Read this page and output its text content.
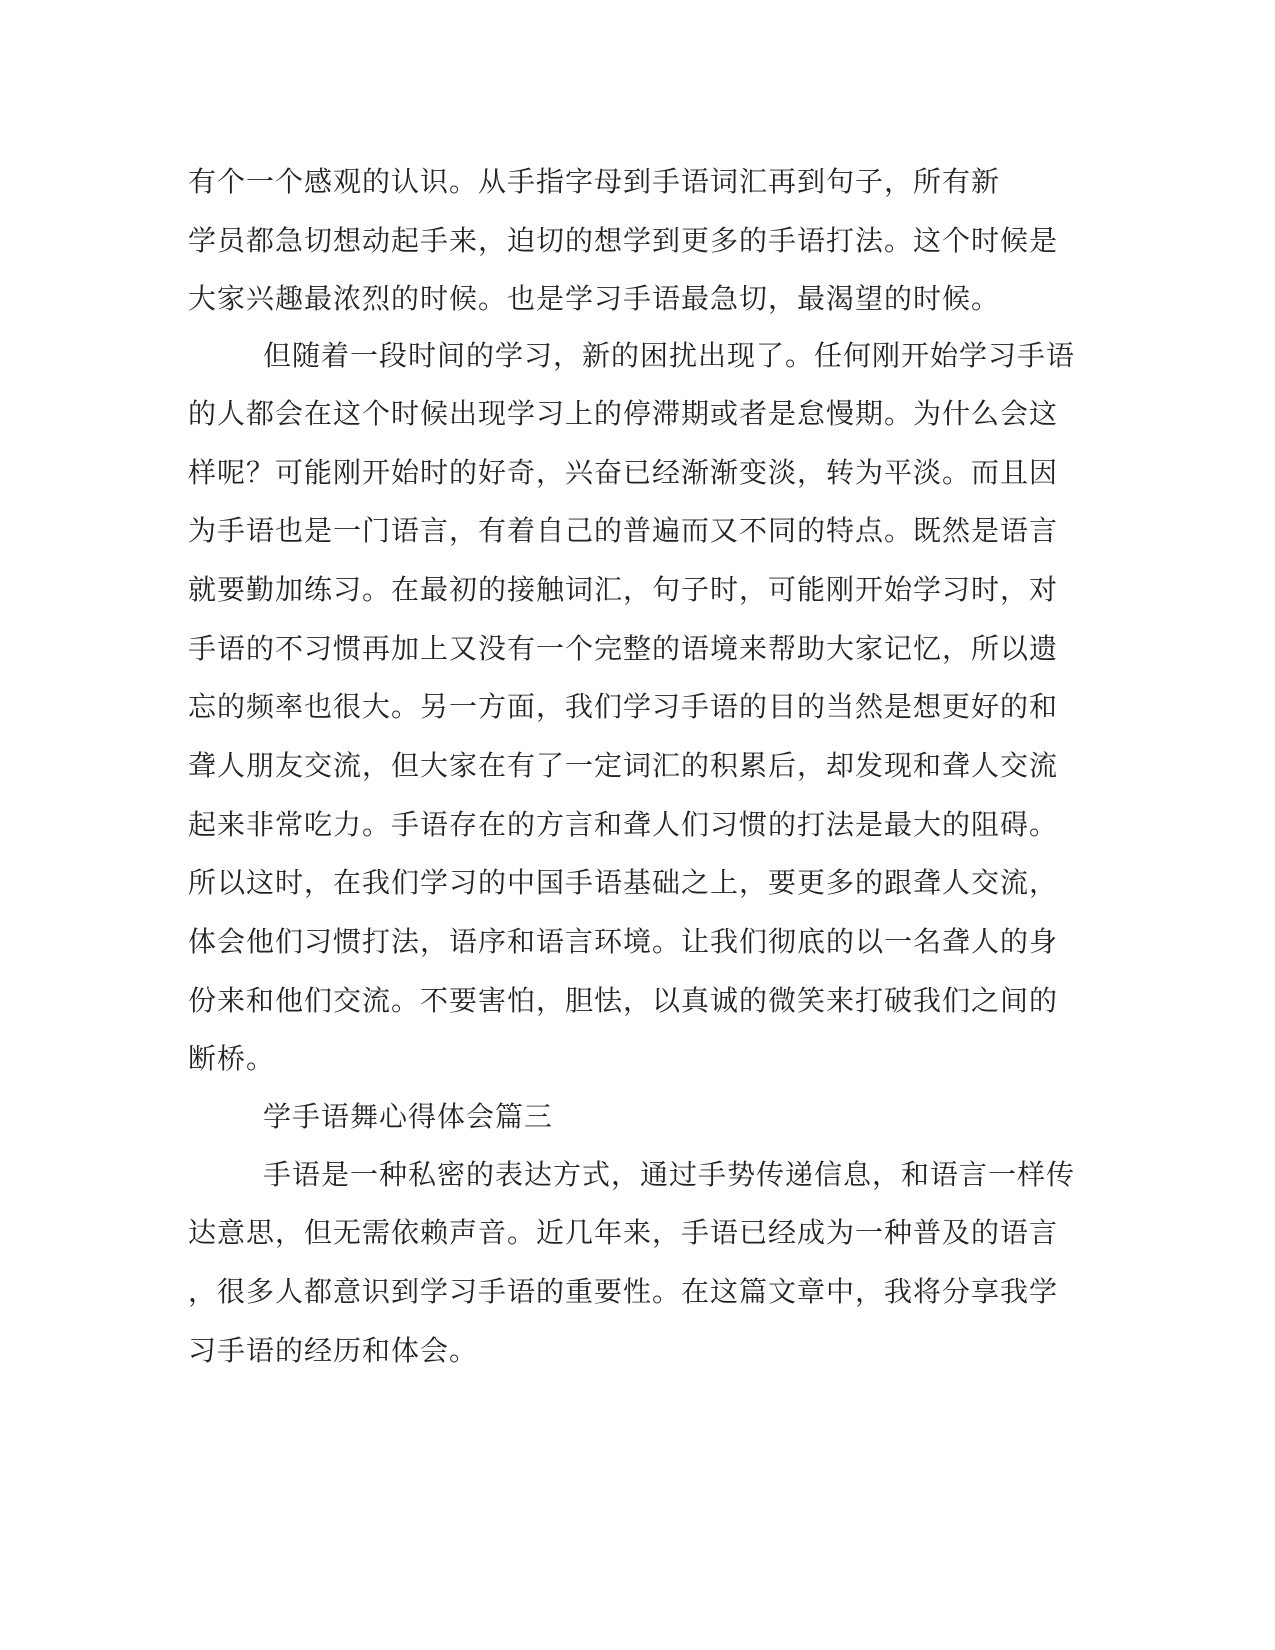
有个一个感观的认识。从手指字母到手语词汇再到句子，所有新
学员都急切想动起手来，迫切的想学到更多的手语打法。这个时候是
大家兴趣最浓烈的时候。也是学习手语最急切，最渴望的时候。
但随着一段时间的学习，新的困扰出现了。任何刚开始学习手语
的人都会在这个时候出现学习上的停滞期或者是怠慢期。为什么会这
样呢？可能刚开始时的好奇，兴奋已经渐渐变淡，转为平淡。而且因
为手语也是一门语言，有着自己的普遍而又不同的特点。既然是语言
就要勤加练习。在最初的接触词汇，句子时，可能刚开始学习时，对
手语的不习惯再加上又没有一个完整的语境来帮助大家记忆，所以遗
忘的频率也很大。另一方面，我们学习手语的目的当然是想更好的和
聋人朋友交流，但大家在有了一定词汇的积累后，却发现和聋人交流
起来非常吃力。手语存在的方言和聋人们习惯的打法是最大的阻碍。
所以这时，在我们学习的中国手语基础之上，要更多的跟聋人交流，
体会他们习惯打法，语序和语言环境。让我们彻底的以一名聋人的身
份来和他们交流。不要害怕，胆怯，以真诚的微笑来打破我们之间的
断桥。
学手语舞心得体会篇三
手语是一种私密的表达方式，通过手势传递信息，和语言一样传
达意思，但无需依赖声音。近几年来，手语已经成为一种普及的语言
，很多人都意识到学习手语的重要性。在这篇文章中，我将分享我学
习手语的经历和体会。
